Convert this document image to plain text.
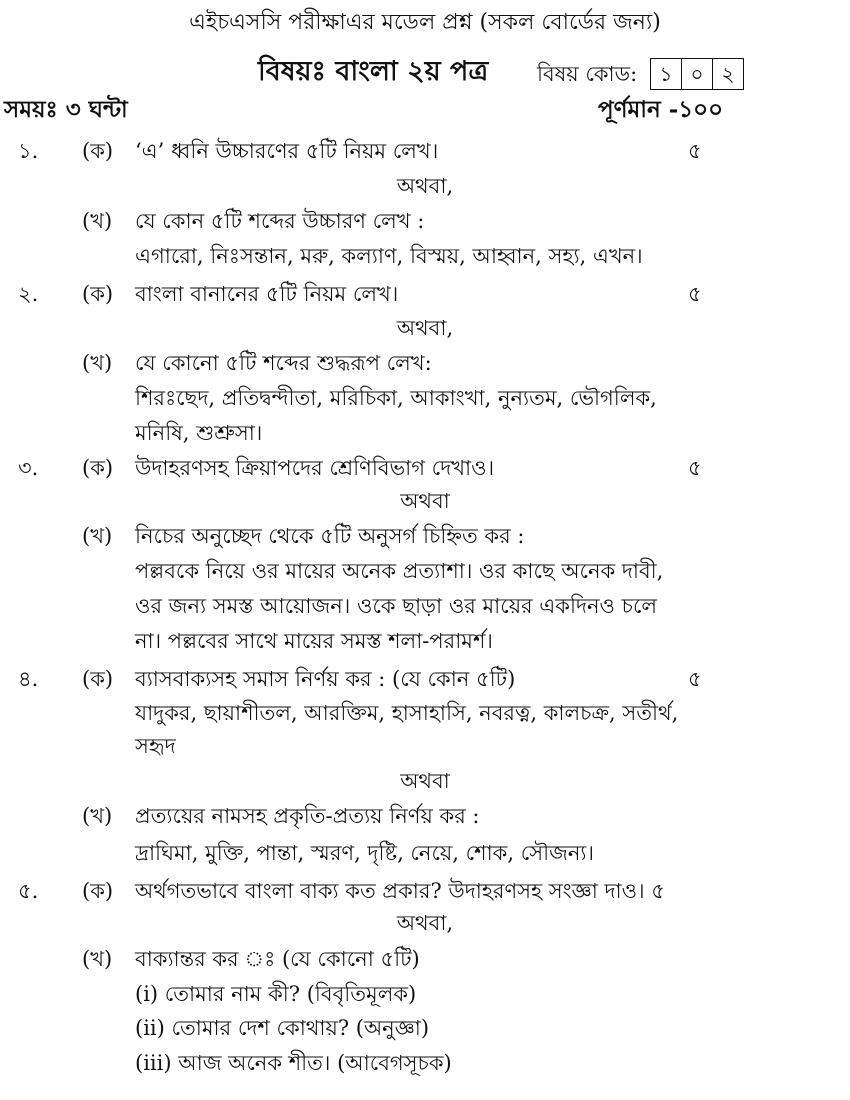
এইচএসসি পরীক্ষাএর মডেল প্রশ্ন (সকল বোর্ডের জন্য)
বিষয়ঃ বাংলা ২য় পত্র বিষয় কোড:	১ ০ ২
সময়ঃ ৩ ঘন্টা	পূর্ণমান -১০০
১. (ক) ‘এ’ ধ্বনি উচ্চারণের ৫টি নিয়ম লেখ।	৫
অথবা,
(খ) যে কোন ৫টি শব্দের উচ্চারণ লেখ :
এগারো, নিঃসন্তান, মরু, কল্যাণ, বিস্ময়, আহ্বান, সহ্য, এখন।
২. (ক) বাংলা বানানের ৫টি নিয়ম লেখ।	৫
অথবা,
(খ) যে কোনো ৫টি শব্দের শুদ্ধরূপ লেখ:
শিরঃছেদ, প্রতিদ্বন্দীতা, মরিচিকা, আকাংখা, নুন্যতম, ভৌগলিক,
মনিষি, শুশ্রুসা।
৩. (ক) উদাহরণসহ ক্রিয়াপদের শ্রেণিবিভাগ দেখাও।	৫
অথবা
(খ) নিচের অনুচ্ছেদ থেকে ৫টি অনুসর্গ চিহ্নিত কর :
পল্লবকে নিয়ে ওর মায়ের অনেক প্রত্যাশা। ওর কাছে অনেক দাবী,
ওর জন্য সমস্ত আয়োজন। ওকে ছাড়া ওর মায়ের একদিনও চলে
না। পল্লবের সাথে মায়ের সমস্ত শলা-পরামর্শ।
৪. (ক) ব্যাসবাক্যসহ সমাস নির্ণয় কর : (যে কোন ৫টি)	৫
যাদুকর, ছায়াশীতল, আরক্তিম, হাসাহাসি, নবরত্ন, কালচক্র, সতীর্থ,
সহৃদ
অথবা
(খ) প্রত্যয়ের নামসহ প্রকৃতি-প্রত্যয় নির্ণয় কর :
দ্রাঘিমা, মুক্তি, পান্তা, স্মরণ, দৃষ্টি, নেয়ে, শোক, সৌজন্য।
৫. (ক) অর্থগতভাবে বাংলা বাক্য কত প্রকার? উদাহরণসহ সংজ্ঞা দাও। ৫
অথবা,
(খ) বাক্যান্তর কর ঃ (যে কোনো ৫টি)
(i) তোমার নাম কী? (বিবৃতিমূলক)
(ii) তোমার দেশ কোথায়? (অনুজ্ঞা)
(iii) আজ অনেক শীত। (আবেগসূচক)
